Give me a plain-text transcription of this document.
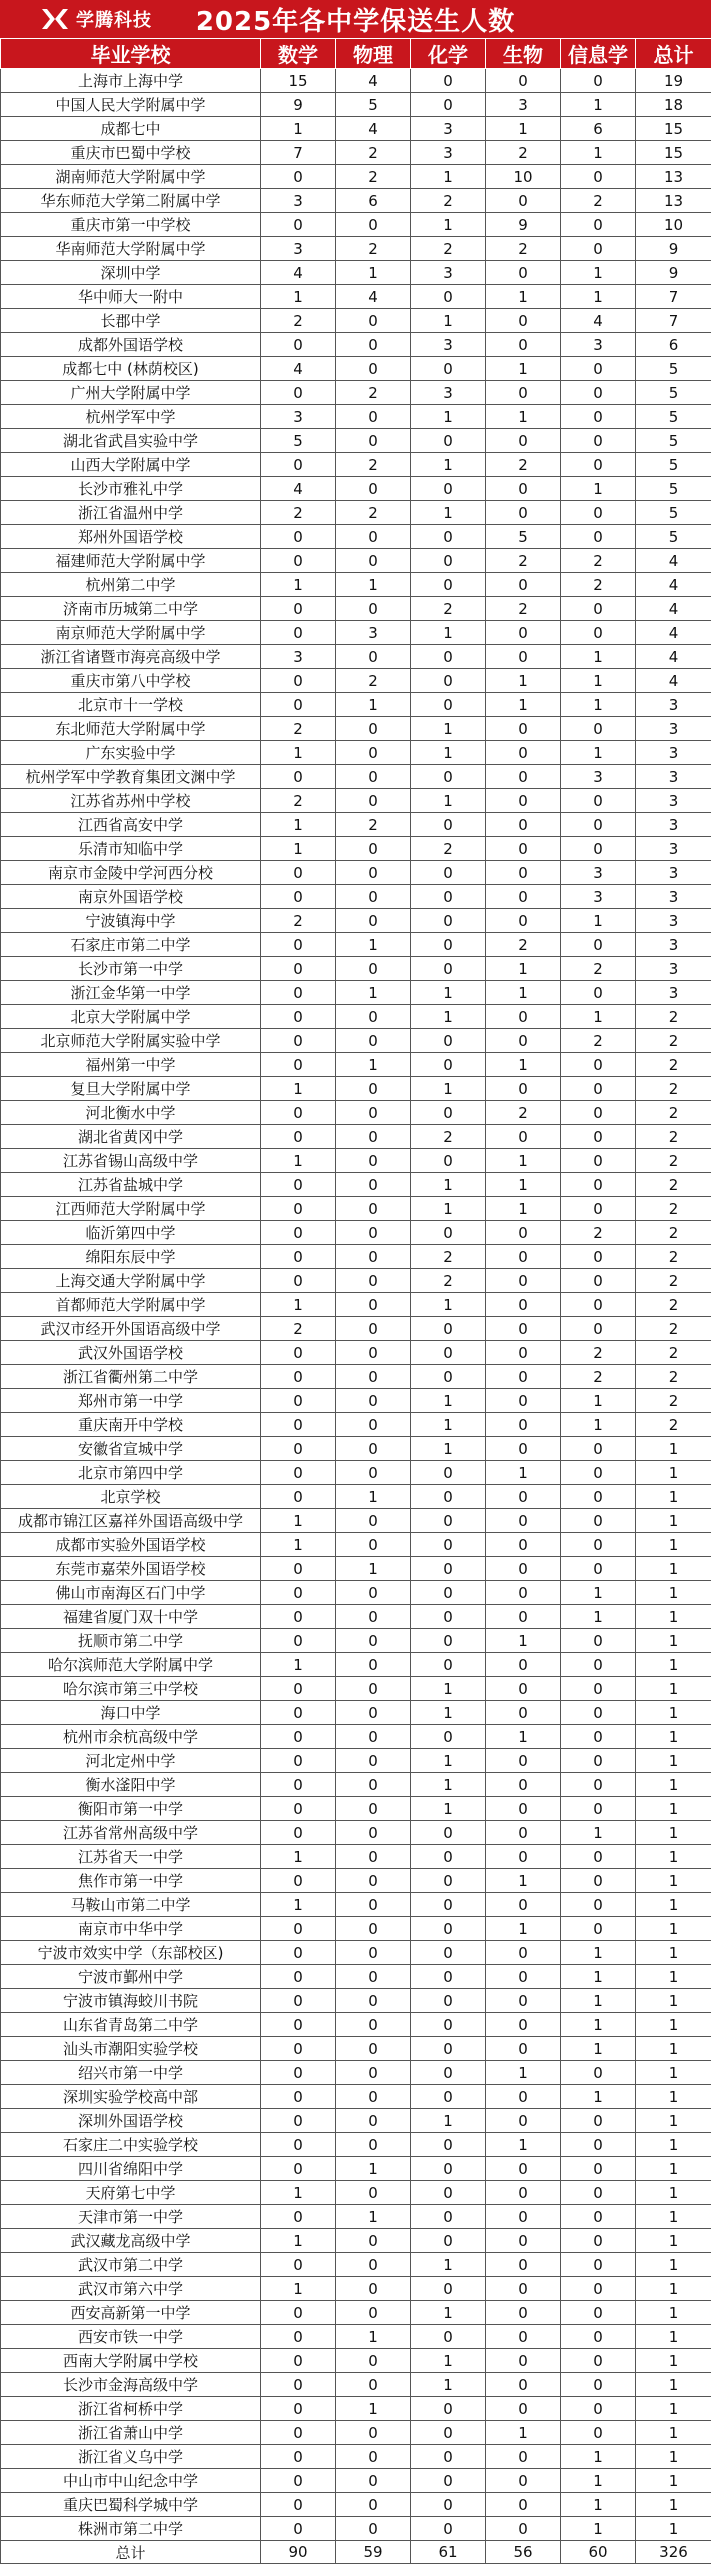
学腾科技 2025年各中学保送生人数
毕业学校	数学	物理	化学	生物	信息学	总计
上海市上海中学	15	4	0	0	0	19
中国人民大学附属中学	9	5	0	3	1	18
成都七中	1	4	3	1	6	15
重庆市巴蜀中学校	7	2	3	2	1	15
湖南师范大学附属中学	0	2	1	10	0	13
华东师范大学第二附属中学	3	6	2	0	2	13
重庆市第一中学校	0	0	1	9	0	10
华南师范大学附属中学	3	2	2	2	0	9
深圳中学	4	1	3	0	1	9
华中师大一附中	1	4	0	1	1	7
长郡中学	2	0	1	0	4	7
成都外国语学校	0	0	3	0	3	6
成都七中 (林荫校区)	4	0	0	1	0	5
广州大学附属中学	0	2	3	0	0	5
杭州学军中学	3	0	1	1	0	5
湖北省武昌实验中学	5	0	0	0	0	5
山西大学附属中学	0	2	1	2	0	5
长沙市雅礼中学	4	0	0	0	1	5
浙江省温州中学	2	2	1	0	0	5
郑州外国语学校	0	0	0	5	0	5
福建师范大学附属中学	0	0	0	2	2	4
杭州第二中学	1	1	0	0	2	4
济南市历城第二中学	0	0	2	2	0	4
南京师范大学附属中学	0	3	1	0	0	4
浙江省诸暨市海亮高级中学	3	0	0	0	1	4
重庆市第八中学校	0	2	0	1	1	4
北京市十一学校	0	1	0	1	1	3
东北师范大学附属中学	2	0	1	0	0	3
广东实验中学	1	0	1	0	1	3
杭州学军中学教育集团文渊中学	0	0	0	0	3	3
江苏省苏州中学校	2	0	1	0	0	3
江西省高安中学	1	2	0	0	0	3
乐清市知临中学	1	0	2	0	0	3
南京市金陵中学河西分校	0	0	0	0	3	3
南京外国语学校	0	0	0	0	3	3
宁波镇海中学	2	0	0	0	1	3
石家庄市第二中学	0	1	0	2	0	3
长沙市第一中学	0	0	0	1	2	3
浙江金华第一中学	0	1	1	1	0	3
北京大学附属中学	0	0	1	0	1	2
北京师范大学附属实验中学	0	0	0	0	2	2
福州第一中学	0	1	0	1	0	2
复旦大学附属中学	1	0	1	0	0	2
河北衡水中学	0	0	0	2	0	2
湖北省黄冈中学	0	0	2	0	0	2
江苏省锡山高级中学	1	0	0	1	0	2
江苏省盐城中学	0	0	1	1	0	2
江西师范大学附属中学	0	0	1	1	0	2
临沂第四中学	0	0	0	0	2	2
绵阳东辰中学	0	0	2	0	0	2
上海交通大学附属中学	0	0	2	0	0	2
首都师范大学附属中学	1	0	1	0	0	2
武汉市经开外国语高级中学	2	0	0	0	0	2
武汉外国语学校	0	0	0	0	2	2
浙江省衢州第二中学	0	0	0	0	2	2
郑州市第一中学	0	0	1	0	1	2
重庆南开中学校	0	0	1	0	1	2
安徽省宣城中学	0	0	1	0	0	1
北京市第四中学	0	0	0	1	0	1
北京学校	0	1	0	0	0	1
成都市锦江区嘉祥外国语高级中学	1	0	0	0	0	1
成都市实验外国语学校	1	0	0	0	0	1
东莞市嘉荣外国语学校	0	1	0	0	0	1
佛山市南海区石门中学	0	0	0	0	1	1
福建省厦门双十中学	0	0	0	0	1	1
抚顺市第二中学	0	0	0	1	0	1
哈尔滨师范大学附属中学	1	0	0	0	0	1
哈尔滨市第三中学校	0	0	1	0	0	1
海口中学	0	0	1	0	0	1
杭州市余杭高级中学	0	0	0	1	0	1
河北定州中学	0	0	1	0	0	1
衡水滏阳中学	0	0	1	0	0	1
衡阳市第一中学	0	0	1	0	0	1
江苏省常州高级中学	0	0	0	0	1	1
江苏省天一中学	1	0	0	0	0	1
焦作市第一中学	0	0	0	1	0	1
马鞍山市第二中学	1	0	0	0	0	1
南京市中华中学	0	0	0	1	0	1
宁波市效实中学（东部校区)	0	0	0	0	1	1
宁波市鄞州中学	0	0	0	0	1	1
宁波市镇海蛟川书院	0	0	0	0	1	1
山东省青岛第二中学	0	0	0	0	1	1
汕头市潮阳实验学校	0	0	0	0	1	1
绍兴市第一中学	0	0	0	1	0	1
深圳实验学校高中部	0	0	0	0	1	1
深圳外国语学校	0	0	1	0	0	1
石家庄二中实验学校	0	0	0	1	0	1
四川省绵阳中学	0	1	0	0	0	1
天府第七中学	1	0	0	0	0	1
天津市第一中学	0	1	0	0	0	1
武汉藏龙高级中学	1	0	0	0	0	1
武汉市第二中学	0	0	1	0	0	1
武汉市第六中学	1	0	0	0	0	1
西安高新第一中学	0	0	1	0	0	1
西安市铁一中学	0	1	0	0	0	1
西南大学附属中学校	0	0	1	0	0	1
长沙市金海高级中学	0	0	1	0	0	1
浙江省柯桥中学	0	1	0	0	0	1
浙江省萧山中学	0	0	0	1	0	1
浙江省义乌中学	0	0	0	0	1	1
中山市中山纪念中学	0	0	0	0	1	1
重庆巴蜀科学城中学	0	0	0	0	1	1
株洲市第二中学	0	0	0	0	1	1
总计	90	59	61	56	60	326
